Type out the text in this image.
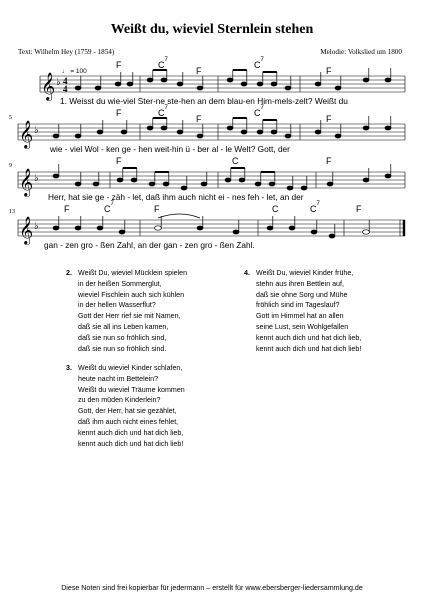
Weißt du, wieviel Sternlein stehen
Text: Wilhelm Hey (1759 - 1854)	Melodie: Volkslied um 1800
♩ = 100
F	$C^7$
F
$C^7$
F
𝄞 ♭ 4
4
1. Weisst du wie-viel Ster-ne ste-hen an dem blau-en Him-mels-zelt? Weißt du
5	F	$C^7$
F
$C^7$
F
𝄞 ♭
wie - viel Wol - ken ge - hen weit-hin ü - ber al - le Welt? Gott, der
9	F	C	F
𝄞 ♭
Herr, hat sie ge - zäh - let, daß ihm auch nicht ei - nes feh - let, an der
13	F	$C^7$	F	C	$C^7$	F
𝄞 ♭
gan - zen gro - ßen Zahl, an der gan - zen gro - ßen Zahl.
2. Weißt Du, wieviel Mücklein spielen
in der heißen Sommerglut,
wieviel Fischlein auch sich kühlen
in der hellen Wasserflut?
Gott der Herr rief sie mit Namen,
daß sie all ins Leben kamen,
daß sie nun so fröhlich sind,
daß sie nun so fröhlich sind.
3. Weißt du wieviel Kinder schlafen,
heute nacht im Bettelein?
Weißt du wieviel Träume kommen
zu den müden Kinderlein?
Gott, der Herr, hat sie gezählet,
daß ihm auch nicht eines fehlet,
kennt auch dich und hat dich lieb,
kennt auch dich und hat dich lieb!
4. Weißt Du, wieviel Kinder frühe,
stehn aus ihren Bettlein auf,
daß sie ohne Sorg und Mühe
fröhlich sind im Tageslauf?
Gott im Himmel hat an allen
seine Lust, sein Wohlgefallen
kennt auch dich und hat dich lieb,
kennt auch dich und hat dich lieb!
Diese Noten sind frei kopierbar für jedermann – erstellt für www.ebersberger-liedersammlung.de
